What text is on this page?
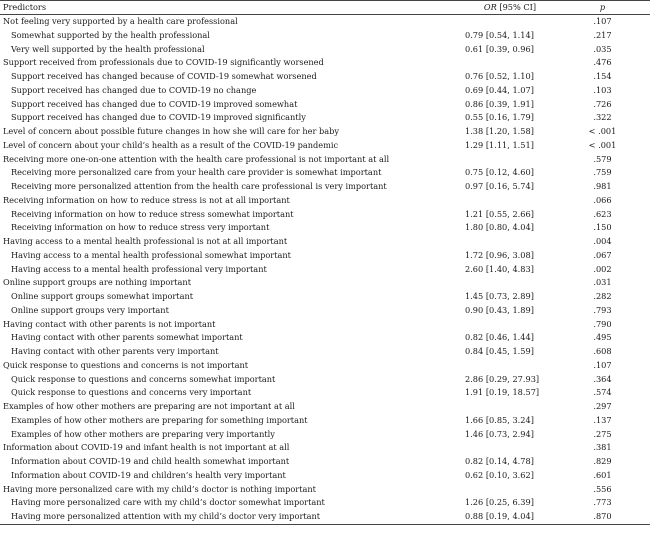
Predictors	OR [95% CI]	p
Not feeling very supported by a health care professional		.107
Somewhat supported by the health professional	0.79 [0.54, 1.14]	.217
Very well supported by the health professional	0.61 [0.39, 0.96]	.035
Support received from professionals due to COVID-19 significantly worsened		.476
Support received has changed because of COVID-19 somewhat worsened	0.76 [0.52, 1.10]	.154
Support received has changed due to COVID-19 no change	0.69 [0.44, 1.07]	.103
Support received has changed due to COVID-19 improved somewhat	0.86 [0.39, 1.91]	.726
Support received has changed due to COVID-19 improved significantly	0.55 [0.16, 1.79]	.322
Level of concern about possible future changes in how she will care for her baby	1.38 [1.20, 1.58]	< .001
Level of concern about your child’s health as a result of the COVID-19 pandemic	1.29 [1.11, 1.51]	< .001
Receiving more one-on-one attention with the health care professional is not important at all		.579
Receiving more personalized care from your health care provider is somewhat important	0.75 [0.12, 4.60]	.759
Receiving more personalized attention from the health care professional is very important	0.97 [0.16, 5.74]	.981
Receiving information on how to reduce stress is not at all important		.066
Receiving information on how to reduce stress somewhat important	1.21 [0.55, 2.66]	.623
Receiving information on how to reduce stress very important	1.80 [0.80, 4.04]	.150
Having access to a mental health professional is not at all important		.004
Having access to a mental health professional somewhat important	1.72 [0.96, 3.08]	.067
Having access to a mental health professional very important	2.60 [1.40, 4.83]	.002
Online support groups are nothing important		.031
Online support groups somewhat important	1.45 [0.73, 2.89]	.282
Online support groups very important	0.90 [0.43, 1.89]	.793
Having contact with other parents is not important		.790
Having contact with other parents somewhat important	0.82 [0.46, 1.44]	.495
Having contact with other parents very important	0.84 [0.45, 1.59]	.608
Quick response to questions and concerns is not important		.107
Quick response to questions and concerns somewhat important	2.86 [0.29, 27.93]	.364
Quick response to questions and concerns very important	1.91 [0.19, 18.57]	.574
Examples of how other mothers are preparing are not important at all		.297
Examples of how other mothers are preparing for something important	1.66 [0.85, 3.24]	.137
Examples of how other mothers are preparing very importantly	1.46 [0.73, 2.94]	.275
Information about COVID-19 and infant health is not important at all		.381
Information about COVID-19 and child health somewhat important	0.82 [0.14, 4.78]	.829
Information about COVID-19 and children’s health very important	0.62 [0.10, 3.62]	.601
Having more personalized care with my child’s doctor is nothing important		.556
Having more personalized care with my child’s doctor somewhat important	1.26 [0.25, 6.39]	.773
Having more personalized attention with my child’s doctor very important	0.88 [0.19, 4.04]	.870
